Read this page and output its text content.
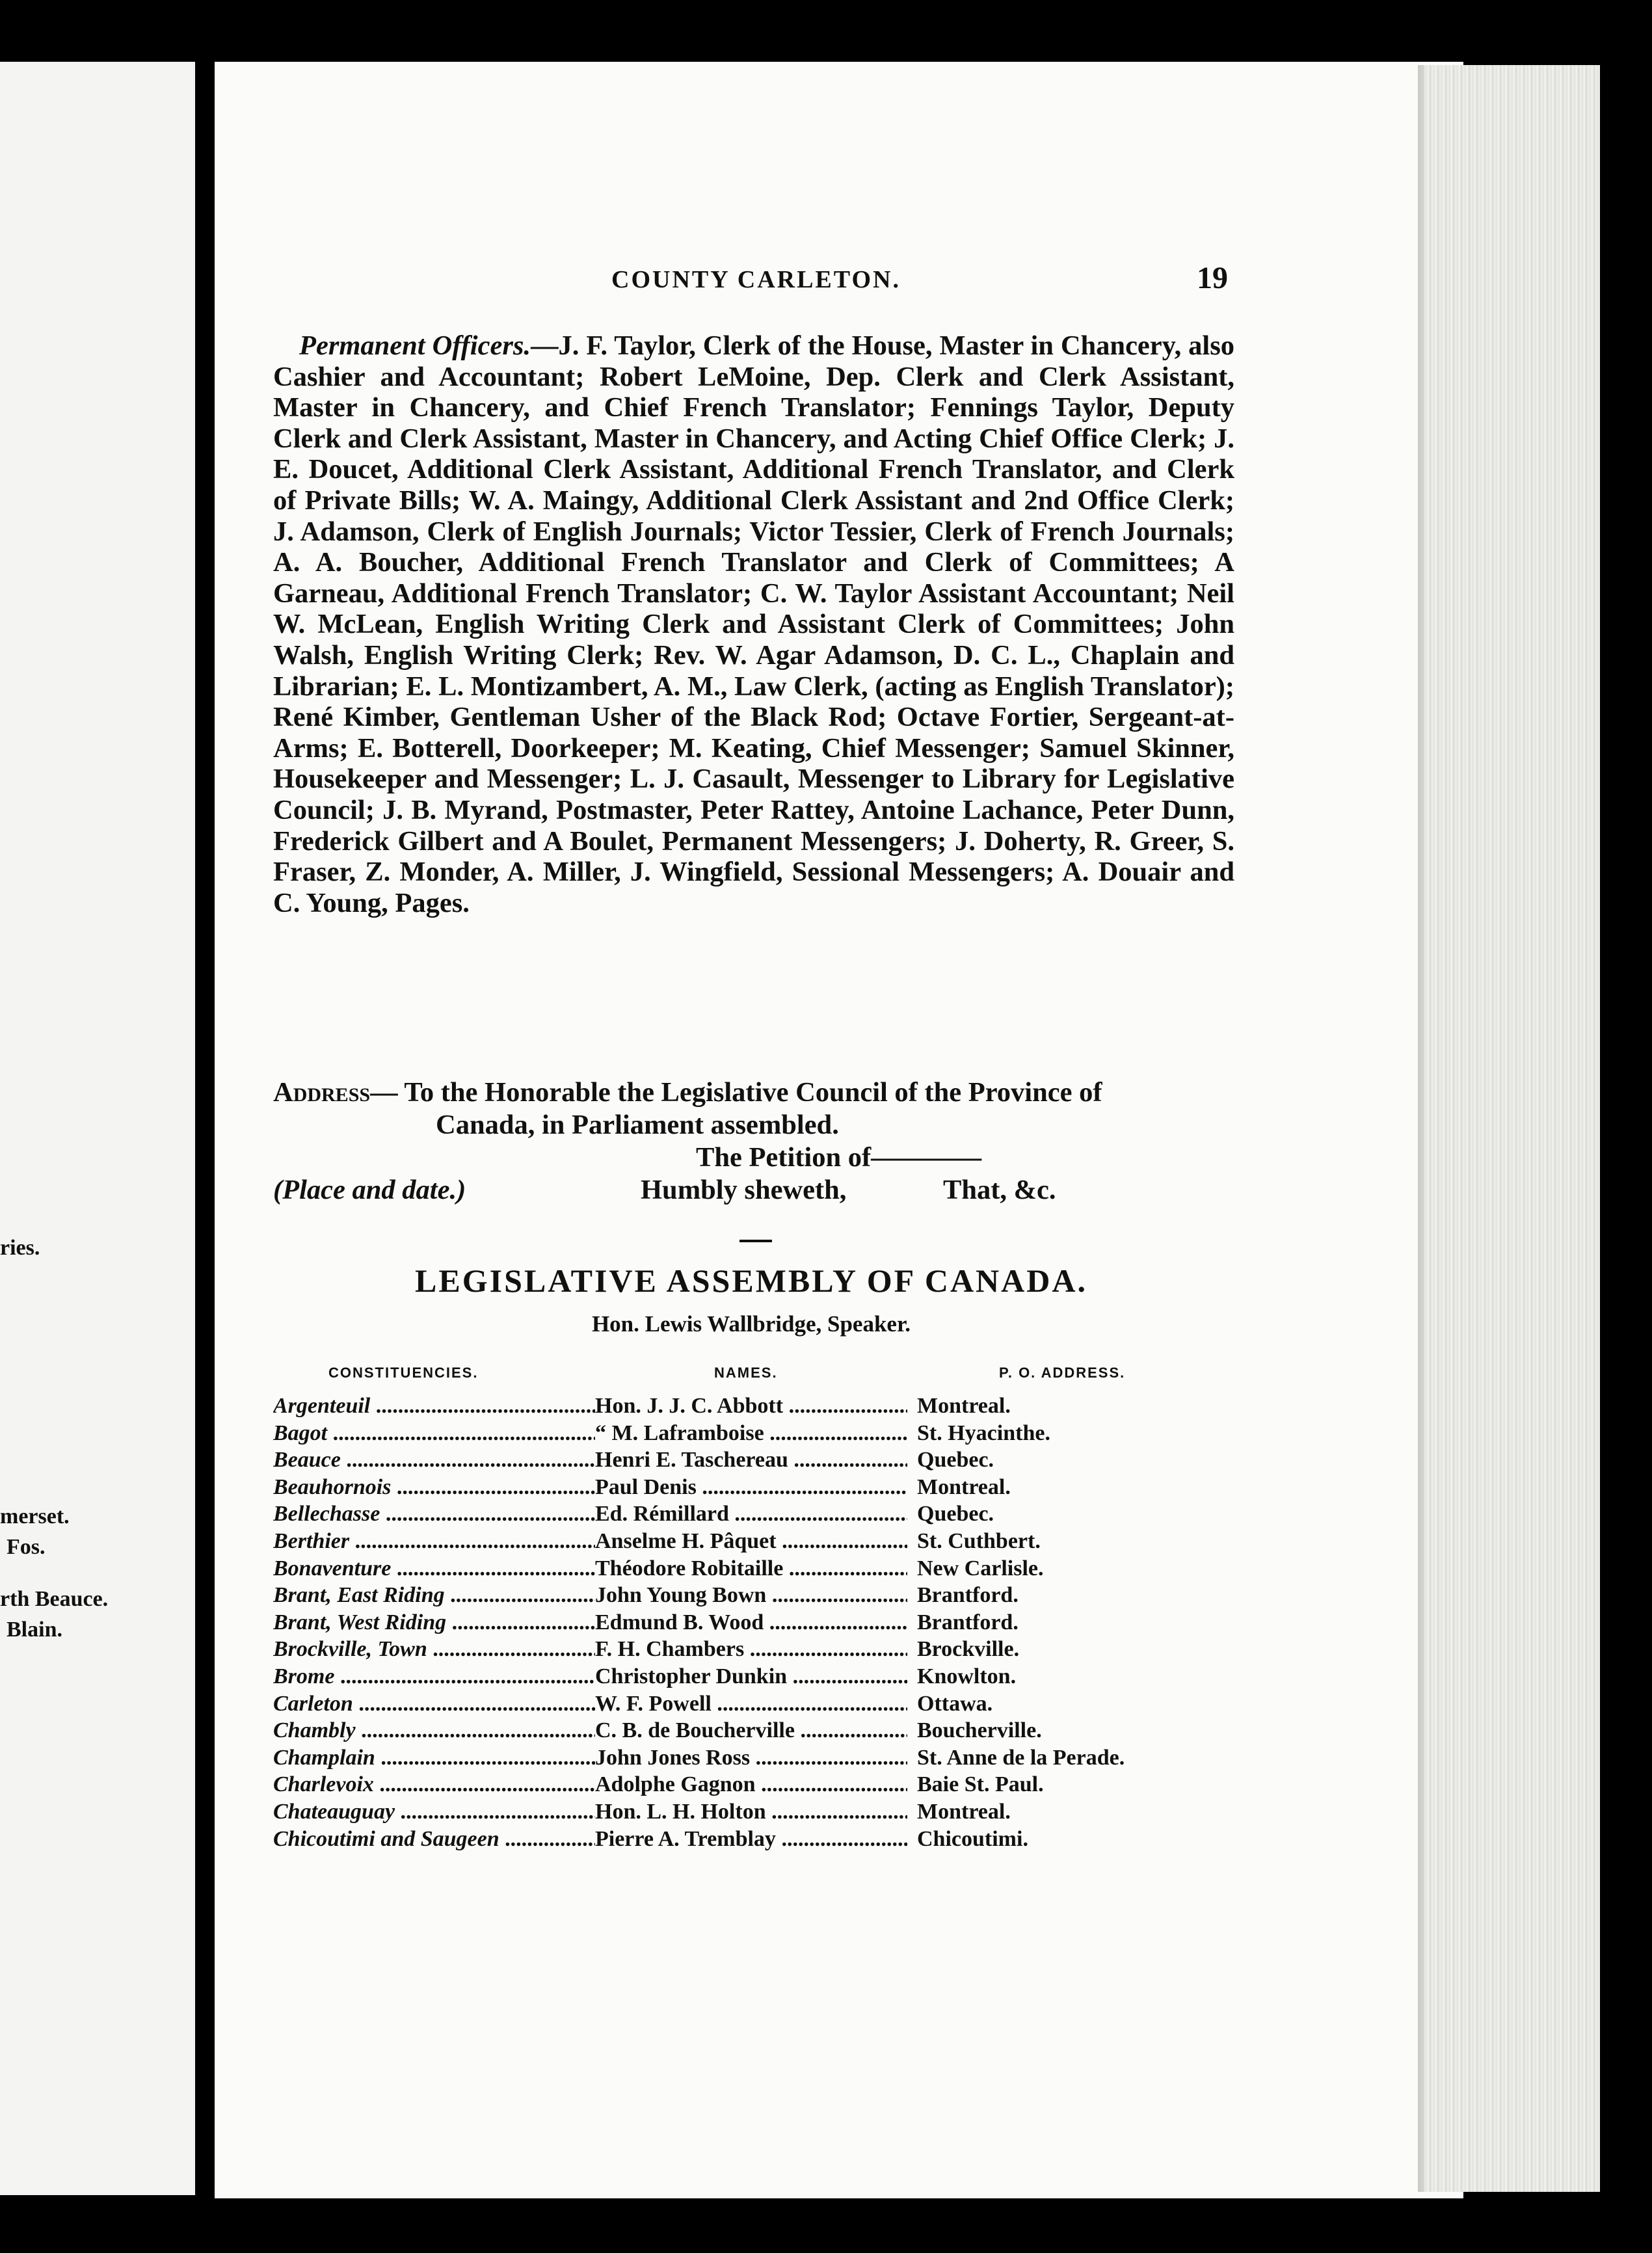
ries.
merset.
Fos.
rth Beauce.
Blain.
COUNTY CARLETON.	19

Permanent Officers.—J. F. Taylor, Clerk of the House, Master in Chancery, also Cashier and Accountant; Robert LeMoine, Dep. Clerk and Clerk Assistant, Master in Chancery, and Chief French Translator; Fennings Taylor, Deputy Clerk and Clerk Assistant, Master in Chancery, and Acting Chief Office Clerk; J. E. Doucet, Additional Clerk Assistant, Additional French Translator, and Clerk of Private Bills; W. A. Maingy, Additional Clerk Assistant and 2nd Office Clerk; J. Adamson, Clerk of English Journals; Victor Tessier, Clerk of French Journals; A. A. Boucher, Additional French Translator and Clerk of Committees; A Garneau, Additional French Translator; C. W. Taylor Assistant Accountant; Neil W. McLean, English Writing Clerk and Assistant Clerk of Committees; John Walsh, English Writing Clerk; Rev. W. Agar Adamson, D. C. L., Chaplain and Librarian; E. L. Montizambert, A. M., Law Clerk, (acting as English Translator); René Kimber, Gentleman Usher of the Black Rod; Octave Fortier, Sergeant-at-Arms; E. Botterell, Doorkeeper; M. Keating, Chief Messenger; Samuel Skinner, Housekeeper and Messenger; L. J. Casault, Messenger to Library for Legislative Council; J. B. Myrand, Postmaster, Peter Rattey, Antoine Lachance, Peter Dunn, Frederick Gilbert and A Boulet, Permanent Messengers; J. Doherty, R. Greer, S. Fraser, Z. Monder, A. Miller, J. Wingfield, Sessional Messengers; A. Douair and C. Young, Pages.

Address— To the Honorable the Legislative Council of the Province of
Canada, in Parliament assembled.
The Petition of————
(Place and date.)	Humbly sheweth,	That, &c.
LEGISLATIVE ASSEMBLY OF CANADA.
Hon. Lewis Wallbridge, Speaker.
CONSTITUENCIES.	NAMES.	P. O. ADDRESS.
Argenteuil .....	Hon. J. J. C. Abbott .....	Montreal.
Bagot .....	“ M. Laframboise .....	St. Hyacinthe.
Beauce .....	Henri E. Taschereau .....	Quebec.
Beauhornois .....	Paul Denis .....	Montreal.
Bellechasse .....	Ed. Rémillard .....	Quebec.
Berthier .....	Anselme H. Pâquet .....	St. Cuthbert.
Bonaventure .....	Théodore Robitaille .....	New Carlisle.
Brant, East Riding .....	John Young Bown .....	Brantford.
Brant, West Riding .....	Edmund B. Wood .....	Brantford.
Brockville, Town .....	F. H. Chambers .....	Brockville.
Brome .....	Christopher Dunkin .....	Knowlton.
Carleton .....	W. F. Powell .....	Ottawa.
Chambly .....	C. B. de Boucherville .....	Boucherville.
Champlain .....	John Jones Ross .....	St. Anne de la Perade.
Charlevoix .....	Adolphe Gagnon .....	Baie St. Paul.
Chateauguay .....	Hon. L. H. Holton .....	Montreal.
Chicoutimi and Saugeen .....	Pierre A. Tremblay .....	Chicoutimi.
